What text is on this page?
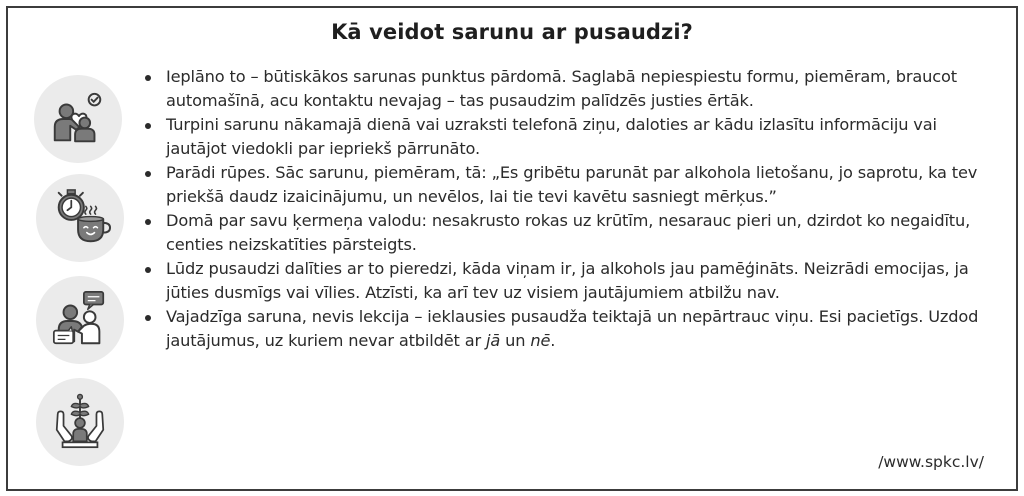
Kā veidot sarunu ar pusaudzi?
Ieplāno to – būtiskākos sarunas punktus pārdomā. Saglabā nepiespiestu formu, piemēram, braucot automašīnā, acu kontaktu nevajag – tas pusaudzim palīdzēs justies ērtāk.
Turpini sarunu nākamajā dienā vai uzraksti telefonā ziņu, daloties ar kādu izlasītu informāciju vai jautājot viedokli par iepriekš pārrunāto.
Parādi rūpes. Sāc sarunu, piemēram, tā: „Es gribētu parunāt par alkohola lietošanu, jo saprotu, ka tev priekšā daudz izaicinājumu, un nevēlos, lai tie tevi kavētu sasniegt mērķus.”
Domā par savu ķermeņa valodu: nesakrusto rokas uz krūtīm, nesarauc pieri un, dzirdot ko negaidītu, centies neizskatīties pārsteigts.
Lūdz pusaudzi dalīties ar to pieredzi, kāda viņam ir, ja alkohols jau pamēģināts. Neizrādi emocijas, ja jūties dusmīgs vai vīlies. Atzīsti, ka arī tev uz visiem jautājumiem atbilžu nav.
Vajadzīga saruna, nevis lekcija – ieklausies pusaudža teiktajā un nepārtrauc viņu. Esi pacietīgs. Uzdod jautājumus, uz kuriem nevar atbildēt ar jā un nē.
/www.spkc.lv/
